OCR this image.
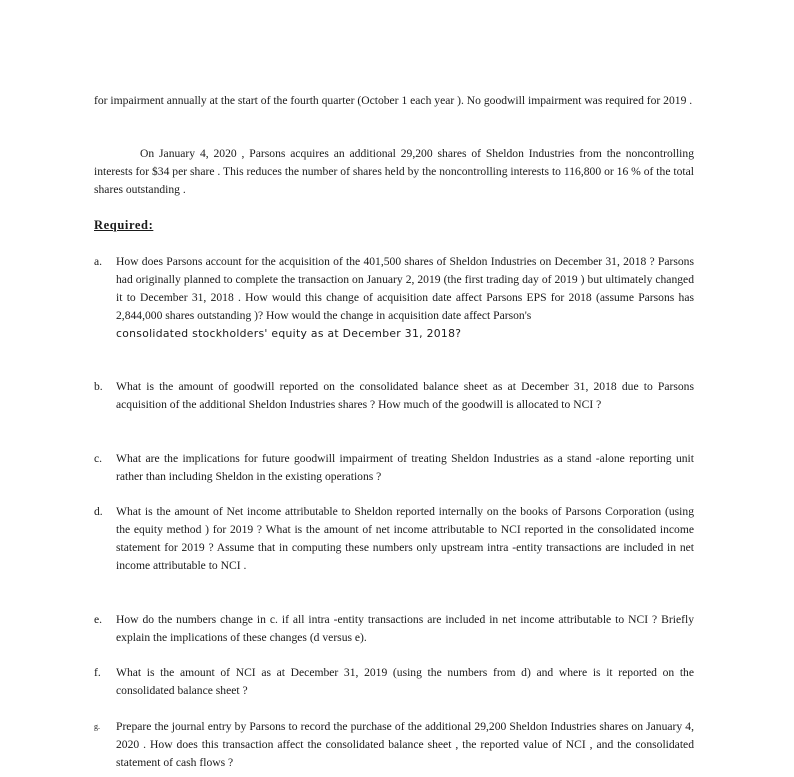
for impairment annually at the start of the fourth quarter (October 1 each year ). No goodwill impairment was required for 2019 .

On January 4, 2020 , Parsons acquires an additional 29,200 shares of Sheldon Industries from the noncontrolling interests for $34 per share . This reduces the number of shares held by the noncontrolling interests to 116,800 or 16 % of the total shares outstanding .

Required:

a.	How does Parsons account for the acquisition of the 401,500 shares of Sheldon Industries on December 31, 2018 ? Parsons had originally planned to complete the transaction on January 2, 2019 (the first trading day of 2019 ) but ultimately changed it to December 31, 2018 . How would this change of acquisition date affect Parsons EPS for 2018 (assume Parsons has 2,844,000 shares outstanding )? How would the change in acquisition date affect Parson's
consolidated stockholders' equity as at December 31, 2018?

b.	What is the amount of goodwill reported on the consolidated balance sheet as at December 31, 2018 due to Parsons acquisition of the additional Sheldon Industries shares ? How much of the goodwill is allocated to NCI ?

c.	What are the implications for future goodwill impairment of treating Sheldon Industries as a stand -alone reporting unit rather than including Sheldon in the existing operations ?

d.	What is the amount of Net income attributable to Sheldon reported internally on the books of Parsons Corporation (using the equity method ) for 2019 ? What is the amount of net income attributable to NCI reported in the consolidated income statement for 2019 ? Assume that in computing these numbers only upstream intra -entity transactions are included in net income attributable to NCI .

e.	How do the numbers change in c. if all intra -entity transactions are included in net income attributable to NCI ? Briefly explain the implications of these changes (d versus e).

f.	What is the amount of NCI as at December 31, 2019 (using the numbers from d) and where is it reported on the consolidated balance sheet ?

g.	Prepare the journal entry by Parsons to record the purchase of the additional 29,200 Sheldon Industries shares on January 4, 2020 . How does this transaction affect the consolidated balance sheet , the reported value of NCI , and the consolidated statement of cash flows ?
